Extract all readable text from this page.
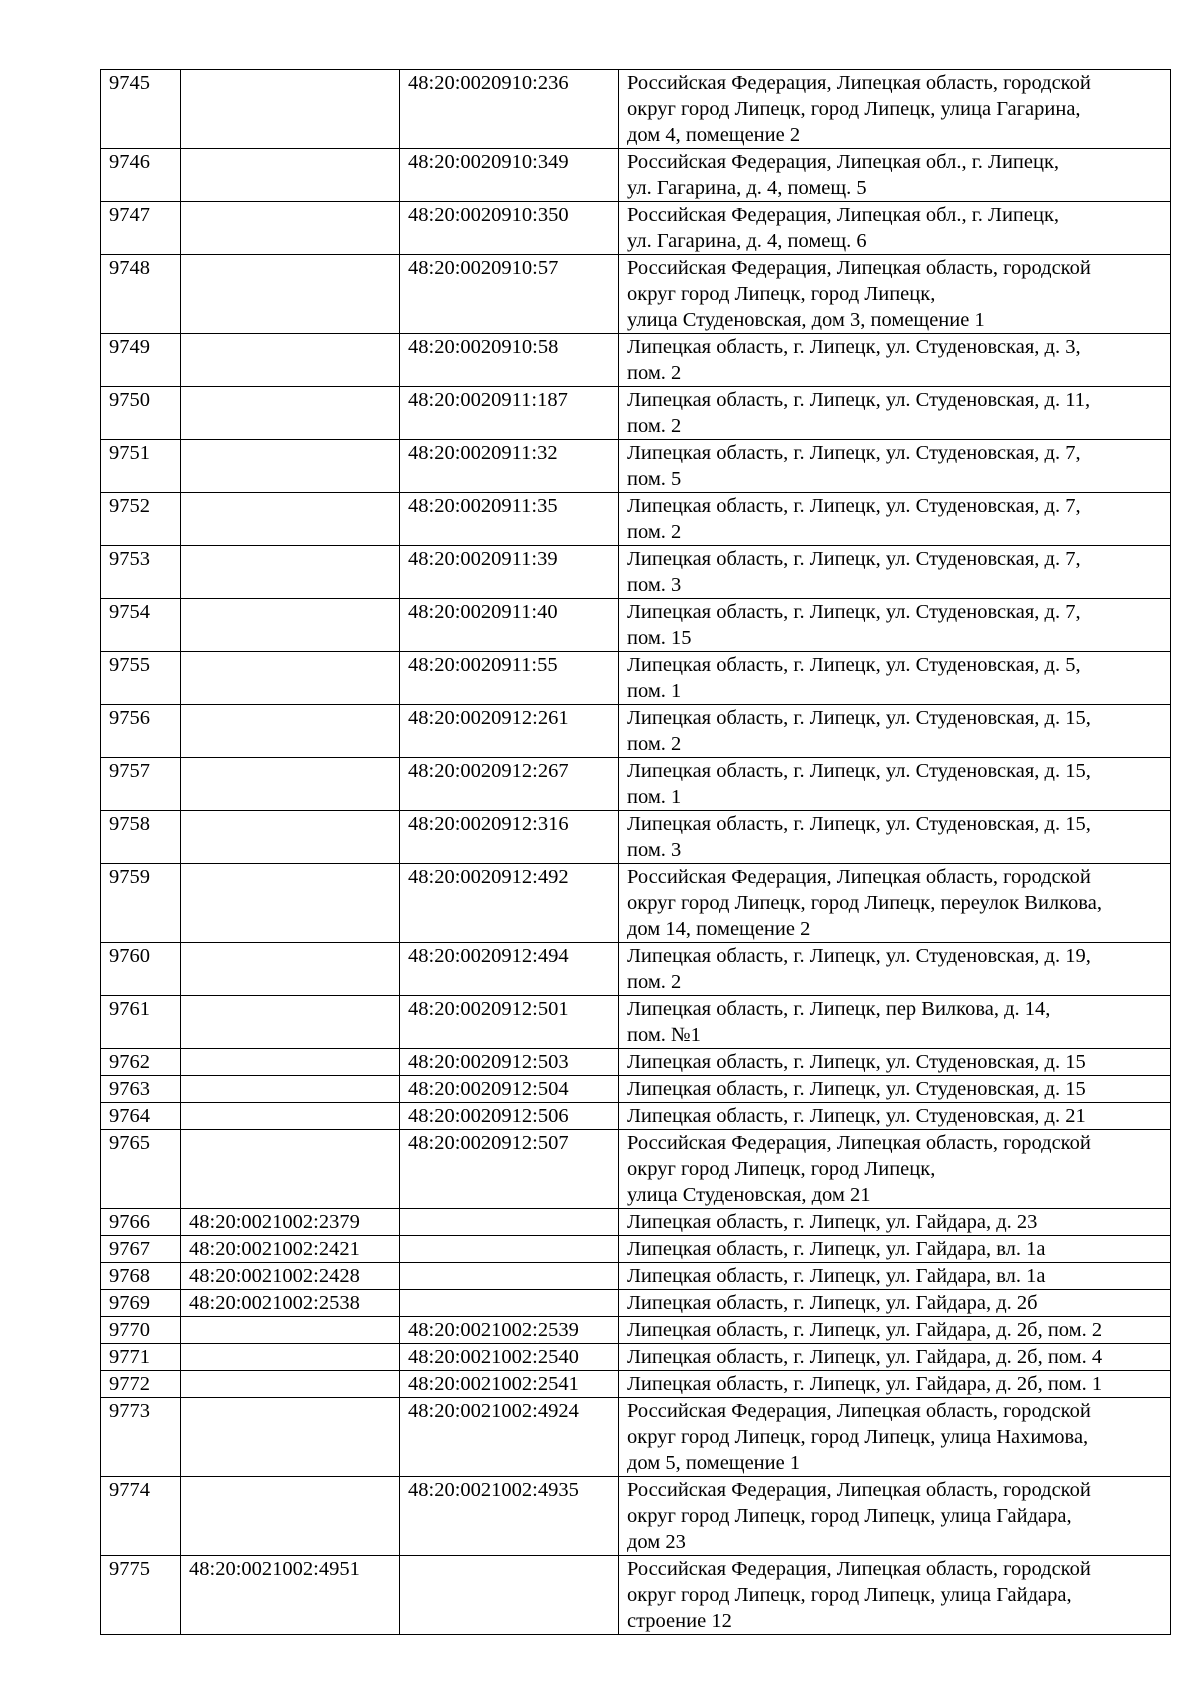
9745		48:20:0020910:236	Российская Федерация, Липецкая область, городской
округ город Липецк, город Липецк, улица Гагарина,
дом 4, помещение 2
9746		48:20:0020910:349	Российская Федерация, Липецкая обл., г. Липецк,
ул. Гагарина, д. 4, помещ. 5
9747		48:20:0020910:350	Российская Федерация, Липецкая обл., г. Липецк,
ул. Гагарина, д. 4, помещ. 6
9748		48:20:0020910:57	Российская Федерация, Липецкая область, городской
округ город Липецк, город Липецк,
улица Студеновская, дом 3, помещение 1
9749		48:20:0020910:58	Липецкая область, г. Липецк, ул. Студеновская, д. 3,
пом. 2
9750		48:20:0020911:187	Липецкая область, г. Липецк, ул. Студеновская, д. 11,
пом. 2
9751		48:20:0020911:32	Липецкая область, г. Липецк, ул. Студеновская, д. 7,
пом. 5
9752		48:20:0020911:35	Липецкая область, г. Липецк, ул. Студеновская, д. 7,
пом. 2
9753		48:20:0020911:39	Липецкая область, г. Липецк, ул. Студеновская, д. 7,
пом. 3
9754		48:20:0020911:40	Липецкая область, г. Липецк, ул. Студеновская, д. 7,
пом. 15
9755		48:20:0020911:55	Липецкая область, г. Липецк, ул. Студеновская, д. 5,
пом. 1
9756		48:20:0020912:261	Липецкая область, г. Липецк, ул. Студеновская, д. 15,
пом. 2
9757		48:20:0020912:267	Липецкая область, г. Липецк, ул. Студеновская, д. 15,
пом. 1
9758		48:20:0020912:316	Липецкая область, г. Липецк, ул. Студеновская, д. 15,
пом. 3
9759		48:20:0020912:492	Российская Федерация, Липецкая область, городской
округ город Липецк, город Липецк, переулок Вилкова,
дом 14, помещение 2
9760		48:20:0020912:494	Липецкая область, г. Липецк, ул. Студеновская, д. 19,
пом. 2
9761		48:20:0020912:501	Липецкая область, г. Липецк, пер Вилкова, д. 14,
пом. №1
9762		48:20:0020912:503	Липецкая область, г. Липецк, ул. Студеновская, д. 15
9763		48:20:0020912:504	Липецкая область, г. Липецк, ул. Студеновская, д. 15
9764		48:20:0020912:506	Липецкая область, г. Липецк, ул. Студеновская, д. 21
9765		48:20:0020912:507	Российская Федерация, Липецкая область, городской
округ город Липецк, город Липецк,
улица Студеновская, дом 21
9766	48:20:0021002:2379		Липецкая область, г. Липецк, ул. Гайдара, д. 23
9767	48:20:0021002:2421		Липецкая область, г. Липецк, ул. Гайдара, вл. 1а
9768	48:20:0021002:2428		Липецкая область, г. Липецк, ул. Гайдара, вл. 1а
9769	48:20:0021002:2538		Липецкая область, г. Липецк, ул. Гайдара, д. 2б
9770		48:20:0021002:2539	Липецкая область, г. Липецк, ул. Гайдара, д. 2б, пом. 2
9771		48:20:0021002:2540	Липецкая область, г. Липецк, ул. Гайдара, д. 2б, пом. 4
9772		48:20:0021002:2541	Липецкая область, г. Липецк, ул. Гайдара, д. 2б, пом. 1
9773		48:20:0021002:4924	Российская Федерация, Липецкая область, городской
округ город Липецк, город Липецк, улица Нахимова,
дом 5, помещение 1
9774		48:20:0021002:4935	Российская Федерация, Липецкая область, городской
округ город Липецк, город Липецк, улица Гайдара,
дом 23
9775	48:20:0021002:4951		Российская Федерация, Липецкая область, городской
округ город Липецк, город Липецк, улица Гайдара,
строение 12
